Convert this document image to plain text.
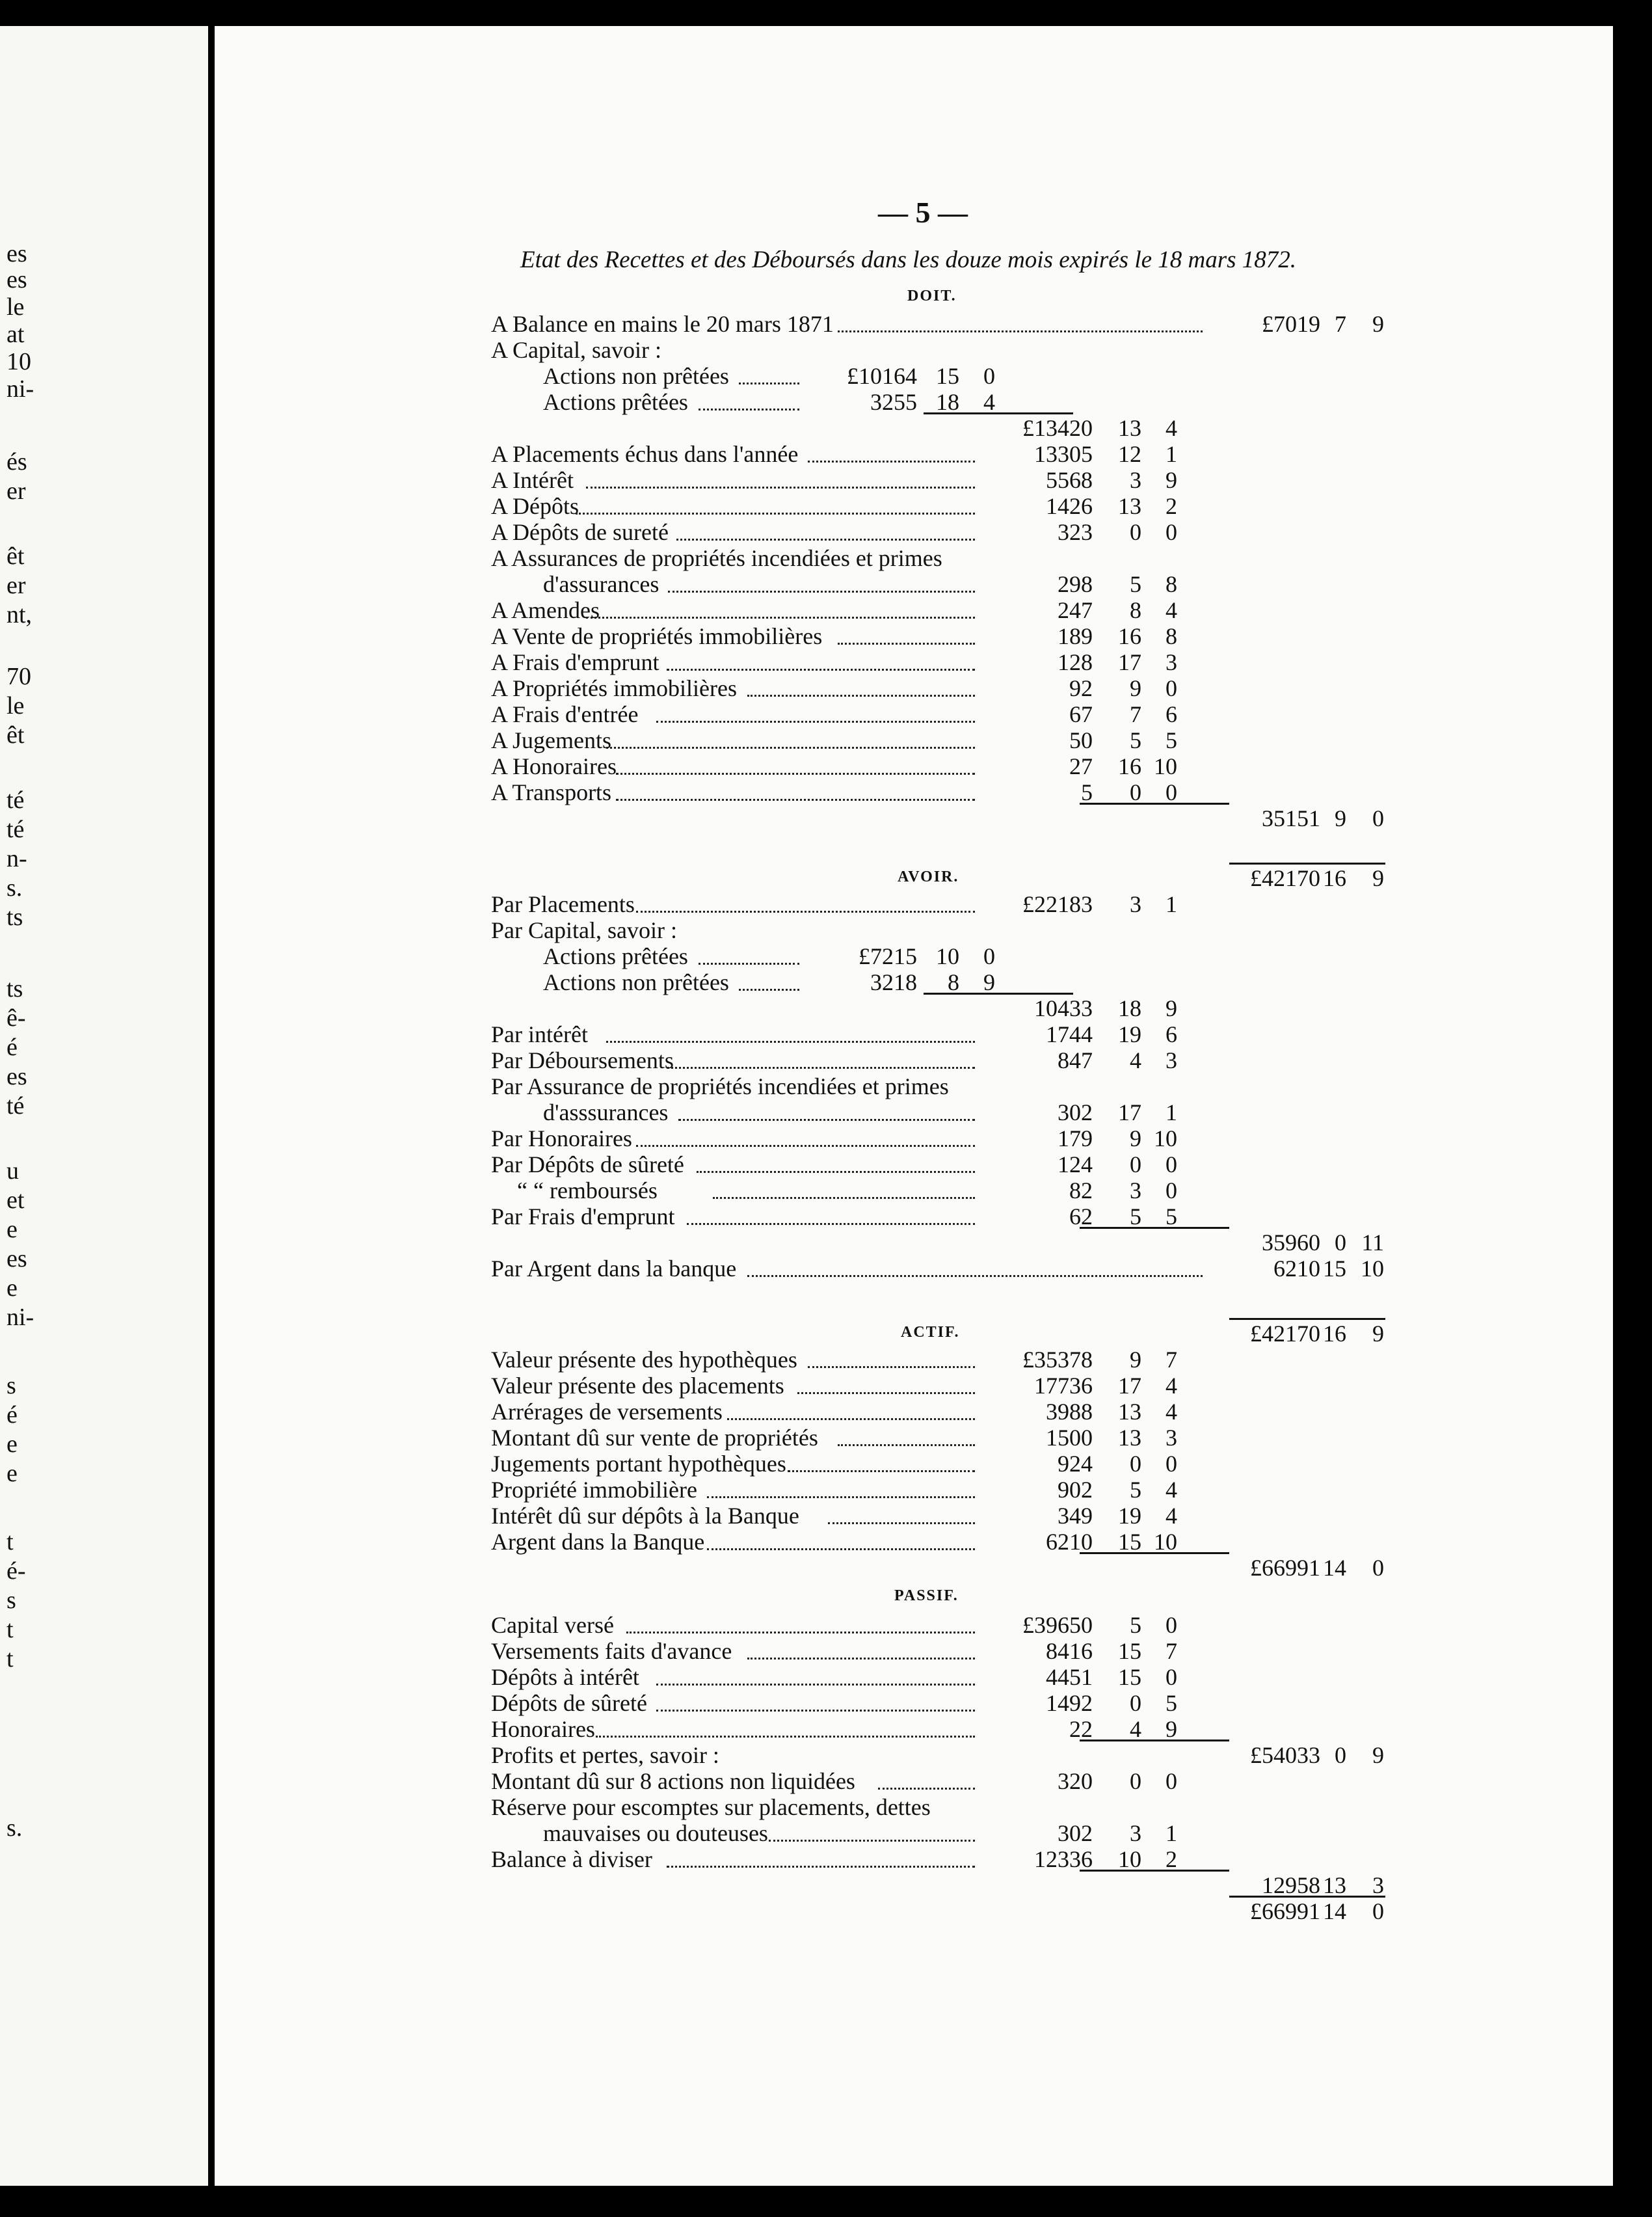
es
es
le
at
10
ni-
és
er
êt
er
nt,
70
le
êt
té
té
n-
s.
ts
ts
ê-
é
es
té
u
et
e
es
e
ni-
s
é
e
e
t
é-
s
t
t
s.
— 5 —
Etat des Recettes et des Déboursés dans les douze mois expirés le 18 mars 1872.
DOIT.
AVOIR.
ACTIF.
PASSIF.
A Balance en mains le 20 mars 1871	£7019 7 9
A Capital, savoir :
Actions non prêtées	£10164 15 0
Actions prêtées	3255 18 4
£13420 13 4
A Placements échus dans l'année	13305 12 1
A Intérêt	5568 3 9
A Dépôts	1426 13 2
A Dépôts de sureté	323 0 0
A Assurances de propriétés incendiées et primes
d'assurances	298 5 8
A Amendes	247 8 4
A Vente de propriétés immobilières	189 16 8
A Frais d'emprunt	128 17 3
A Propriétés immobilières	92 9 0
A Frais d'entrée	67 7 6
A Jugements	50 5 5
A Honoraires	27 16 10
A Transports	5 0 0
35151 9 0
£42170 16 9
Par Placements	£22183 3 1
Par Capital, savoir :
Actions prêtées	£7215 10 0
Actions non prêtées	3218 8 9
10433 18 9
Par intérêt	1744 19 6
Par Déboursements	847 4 3
Par Assurance de propriétés incendiées et primes
d'asssurances	302 17 1
Par Honoraires	179 9 10
Par Dépôts de sûreté	124 0 0
“ “ remboursés	82 3 0
Par Frais d'emprunt	62 5 5
35960 0 11
Par Argent dans la banque	6210 15 10
£42170 16 9
Valeur présente des hypothèques	£35378 9 7
Valeur présente des placements	17736 17 4
Arrérages de versements	3988 13 4
Montant dû sur vente de propriétés	1500 13 3
Jugements portant hypothèques	924 0 0
Propriété immobilière	902 5 4
Intérêt dû sur dépôts à la Banque	349 19 4
Argent dans la Banque	6210 15 10
£66991 14 0
Capital versé	£39650 5 0
Versements faits d'avance	8416 15 7
Dépôts à intérêt	4451 15 0
Dépôts de sûreté	1492 0 5
Honoraires	22 4 9
Profits et pertes, savoir :	£54033 0 9
Montant dû sur 8 actions non liquidées	320 0 0
Réserve pour escomptes sur placements, dettes
mauvaises ou douteuses	302 3 1
Balance à diviser	12336 10 2
12958 13 3
£66991 14 0
